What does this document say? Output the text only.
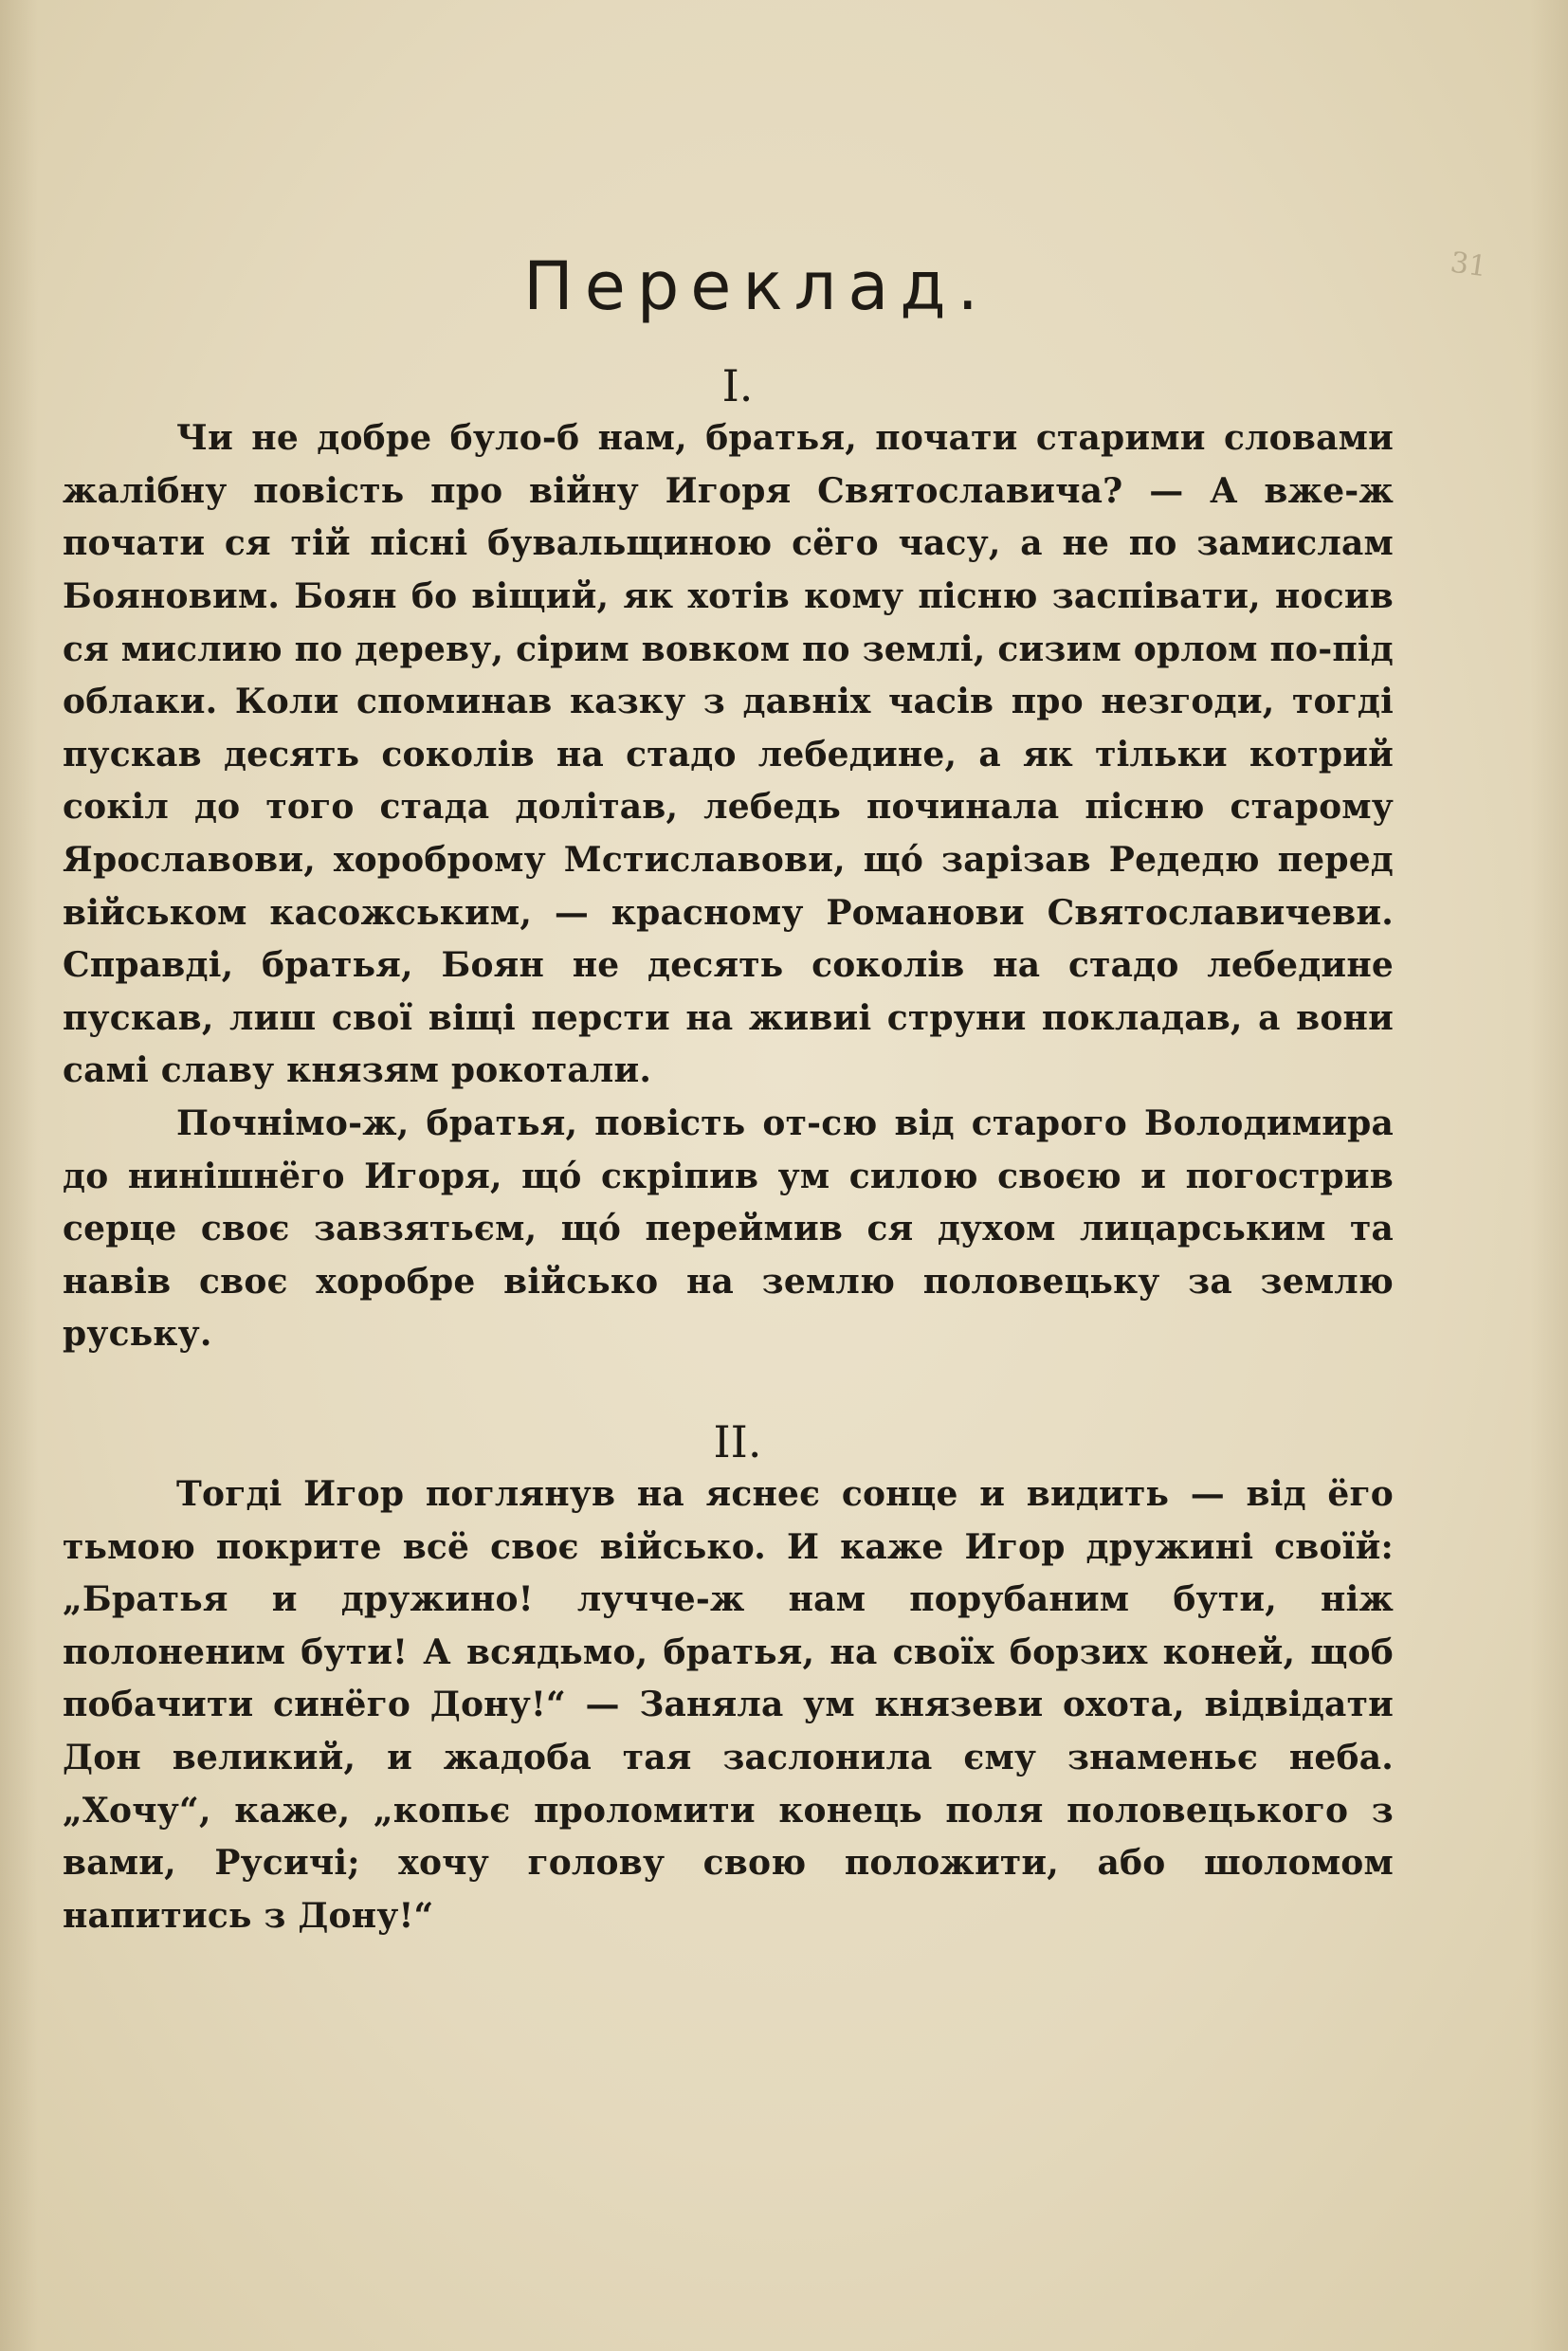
31
Переклад.
I.

Чи не добре було-б нам, братья, почати старими словами жалібну повість про війну Игоря Святославича? — А вже-ж почати ся тій пісні бувальщиною сёго часу, а не по замислам Бояновим. Боян бо віщий, як хотів кому пісню заспівати, носив ся мислию по дереву, сірим вовком по землі, сизим орлом по-під облаки. Коли споминав казку з давніх часів про незгоди, тогді пускав десять соколів на стадо лебедине, а як тільки котрий сокіл до того стада долітав, лебедь починала пісню старому Ярославови, хороброму Мстиславови, щó зарізав Редедю перед військом касожським, — красному Романови Святославичеви. Справді, братья, Боян не десять соколів на стадо лебедине пускав, лиш свої віщі персти на живиі струни покладав, а вони самі славу князям рокотали.

Почнімо-ж, братья, повість от-сю від старого Володимира до нинішнёго Игоря, щó скріпив ум силою своєю и погострив серце своє завзятьєм, щó переймив ся духом лицарським та навів своє хоробре військo на землю половецьку за землю руську.

II.

Тогді Игор поглянув на яснеє сонце и видить — від ёго тьмою покрите всё своє військo. И каже Игор дружині своїй: „Братья и дружино! лучче-ж нам порубаним бути, ніж полоненим бути! А всядьмо, братья, на своїх борзих коней, щоб побачити синёго Дону!“ — Заняла ум князеви охота, відвідати Дон великий, и жадоба тая заслонила єму знаменьє неба. „Хочу“, каже, „копьє проломити конець поля половецького з вами, Русичі; хочу голову свою положити, або шоломом напитись з Дону!“
